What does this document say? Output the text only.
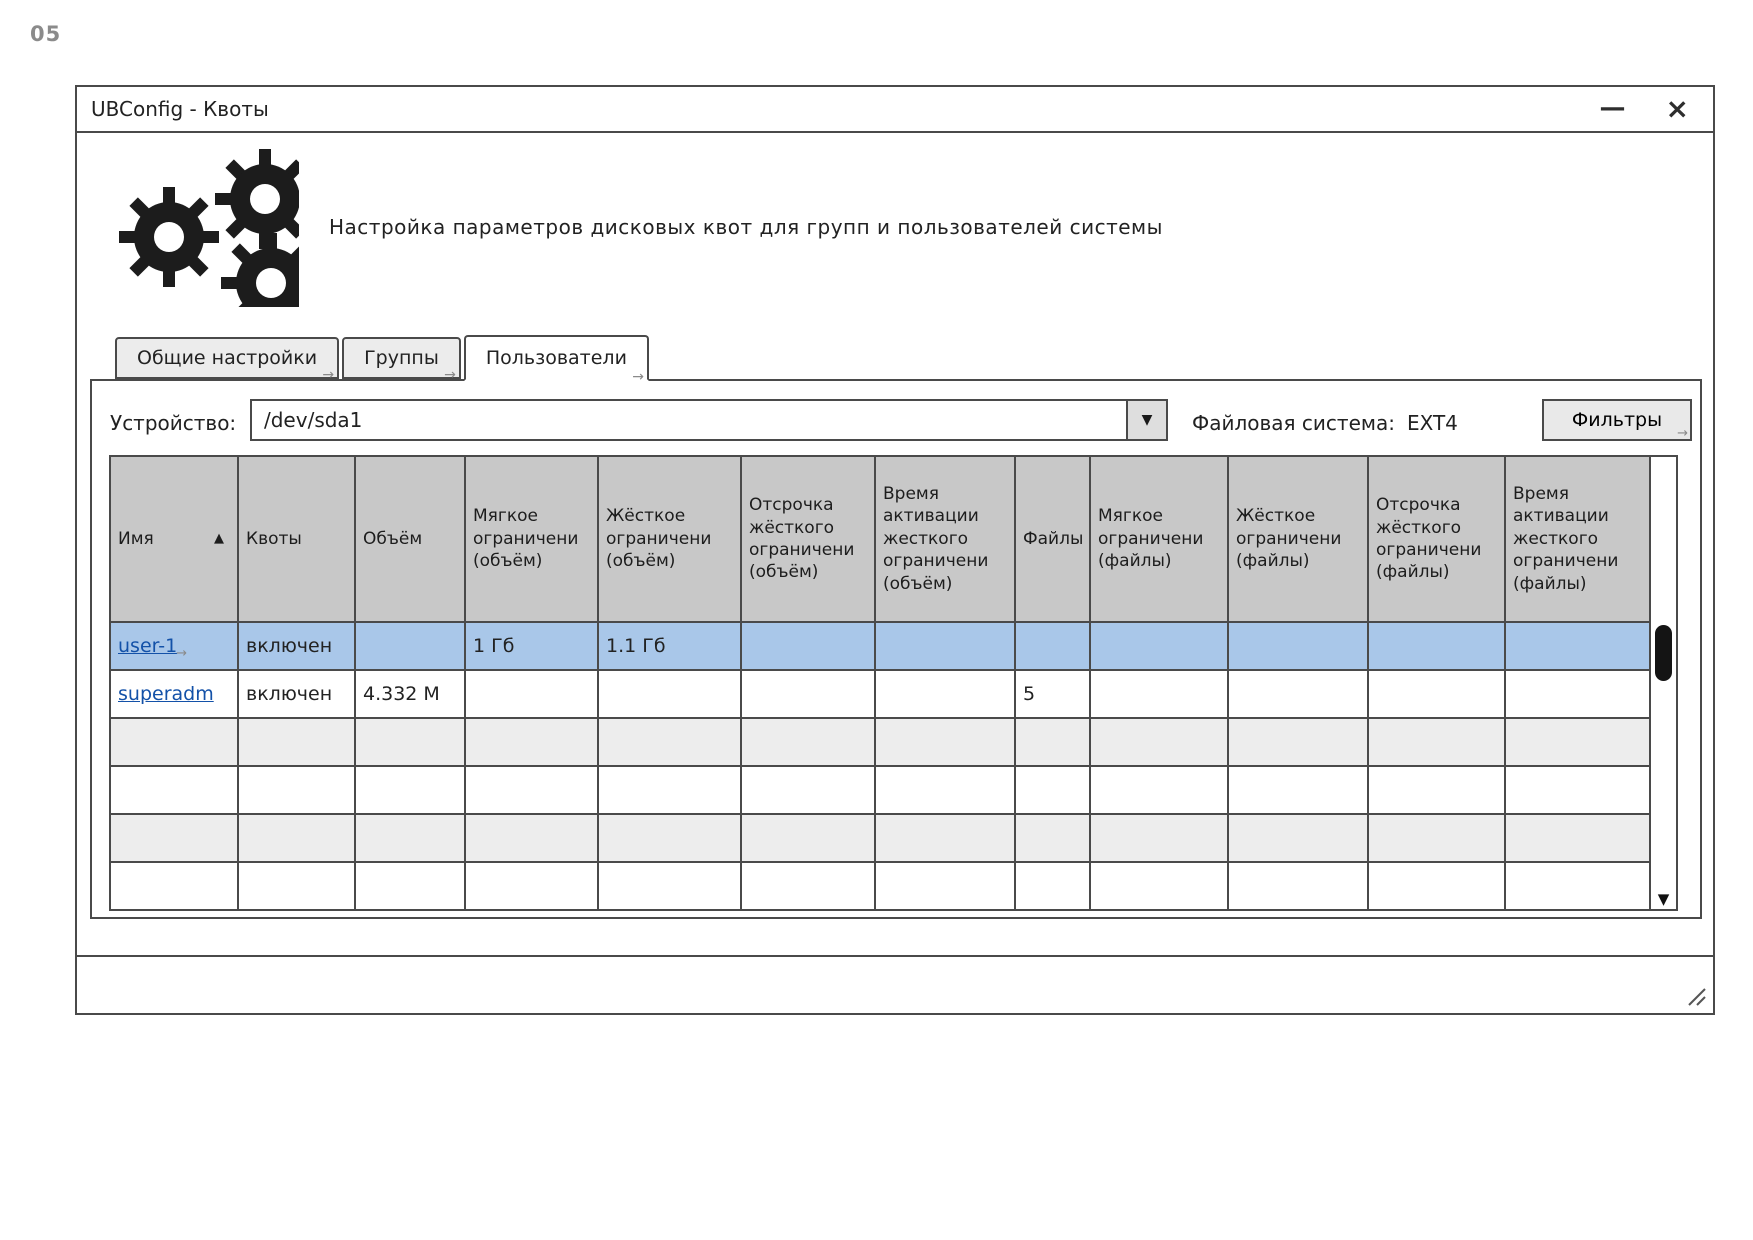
05
UBConfig - Квоты	— ×
Настройка параметров дисковых квот для групп и пользователей системы
Общие настройки
→
Группы
→
Пользователи
→
Устройство:	/dev/sda1	▼	Файловая система: EXT4	Фильтры
→
Имя ▲	Квоты	Объём	Мягкое ограничени (объём)	Жёсткое ограничени (объём)	Отсрочка жёсткого ограничени (объём)	Время активации жесткого ограничени (объём)	Файлы	Мягкое ограничени (файлы)	Жёсткое ограничени (файлы)	Отсрочка жёсткого ограничени (файлы)	Время активации жесткого ограничени (файлы)
user-$1_\to$	включен		1 Гб	1.1 Гб							
superadm	включен	4.332 М					5				

▼
